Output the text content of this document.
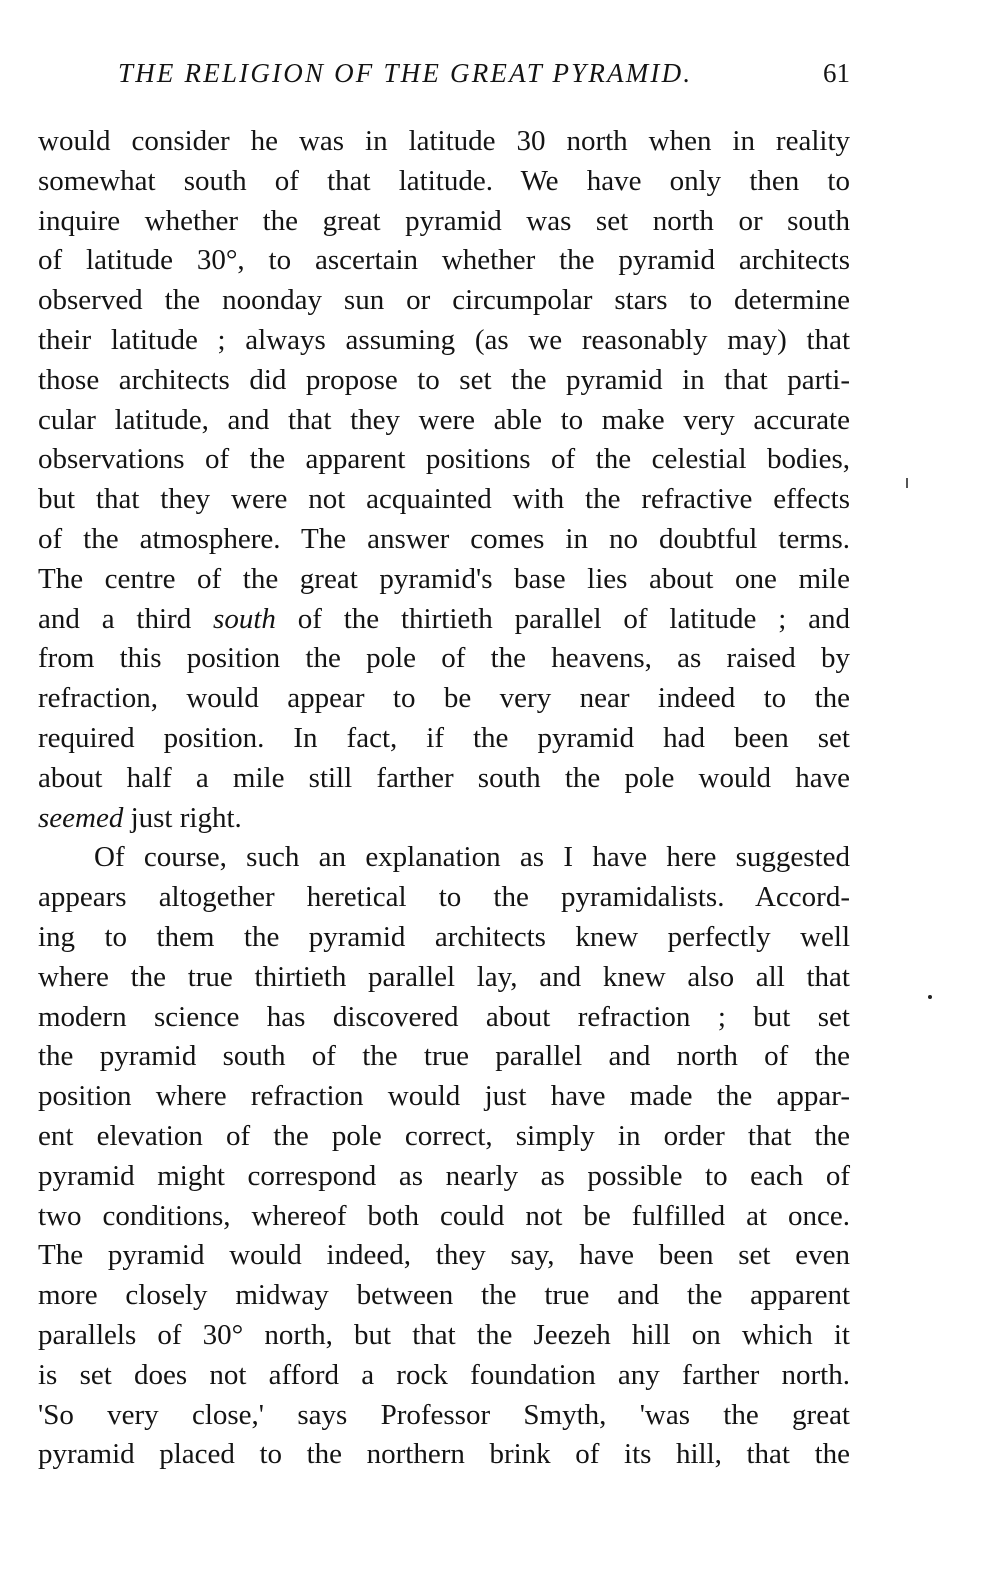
THE RELIGION OF THE GREAT PYRAMID.	61
would consider he was in latitude 30 north when in reality
somewhat south of that latitude. We have only then to
inquire whether the great pyramid was set north or south
of latitude 30°, to ascertain whether the pyramid architects
observed the noonday sun or circumpolar stars to determine
their latitude ; always assuming (as we reasonably may) that
those architects did propose to set the pyramid in that parti-
cular latitude, and that they were able to make very accurate
observations of the apparent positions of the celestial bodies,
but that they were not acquainted with the refractive effects
of the atmosphere. The answer comes in no doubtful terms.
The centre of the great pyramid's base lies about one mile
and a third south of the thirtieth parallel of latitude ; and
from this position the pole of the heavens, as raised by
refraction, would appear to be very near indeed to the
required position. In fact, if the pyramid had been set
about half a mile still farther south the pole would have
seemed just right.
Of course, such an explanation as I have here suggested
appears altogether heretical to the pyramidalists. Accord-
ing to them the pyramid architects knew perfectly well
where the true thirtieth parallel lay, and knew also all that
modern science has discovered about refraction ; but set
the pyramid south of the true parallel and north of the
position where refraction would just have made the appar-
ent elevation of the pole correct, simply in order that the
pyramid might correspond as nearly as possible to each of
two conditions, whereof both could not be fulfilled at once.
The pyramid would indeed, they say, have been set even
more closely midway between the true and the apparent
parallels of 30° north, but that the Jeezeh hill on which it
is set does not afford a rock foundation any farther north.
'So very close,' says Professor Smyth, 'was the great
pyramid placed to the northern brink of its hill, that the
